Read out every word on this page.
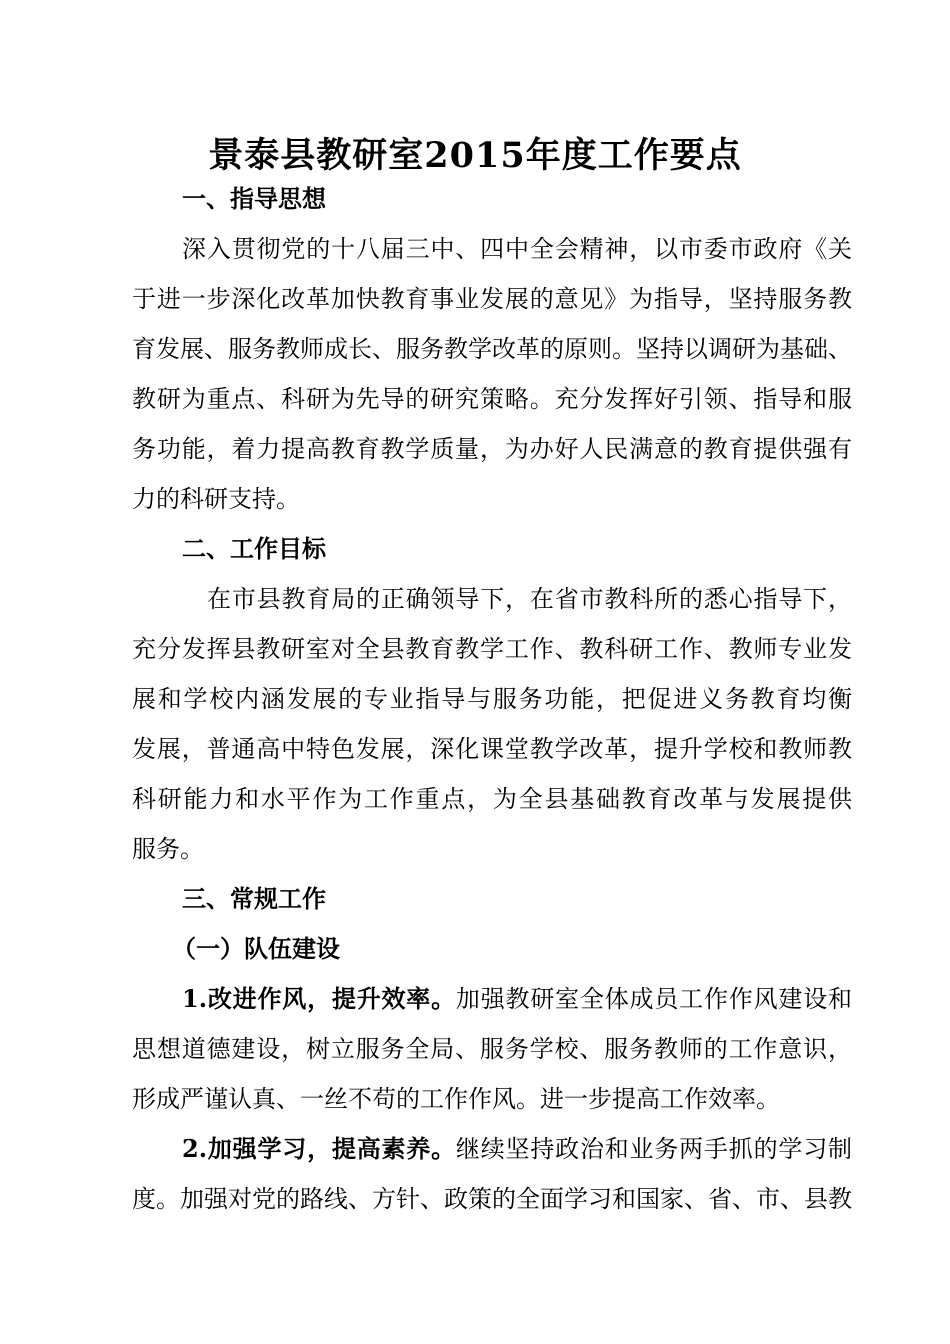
景泰县教研室2015年度工作要点
一、指导思想
深入贯彻党的十八届三中、四中全会精神，以市委市政府《关
于进一步深化改革加快教育事业发展的意见》为指导，坚持服务教
育发展、服务教师成长、服务教学改革的原则。坚持以调研为基础、
教研为重点、科研为先导的研究策略。充分发挥好引领、指导和服
务功能，着力提高教育教学质量，为办好人民满意的教育提供强有
力的科研支持。
二、工作目标
在市县教育局的正确领导下，在省市教科所的悉心指导下，
充分发挥县教研室对全县教育教学工作、教科研工作、教师专业发
展和学校内涵发展的专业指导与服务功能，把促进义务教育均衡
发展，普通高中特色发展，深化课堂教学改革，提升学校和教师教
科研能力和水平作为工作重点，为全县基础教育改革与发展提供
服务。
三、常规工作
（一）队伍建设
1.改进作风，提升效率。加强教研室全体成员工作作风建设和
思想道德建设，树立服务全局、服务学校、服务教师的工作意识，
形成严谨认真、一丝不苟的工作作风。进一步提高工作效率。
2.加强学习，提高素养。继续坚持政治和业务两手抓的学习制
度。加强对党的路线、方针、政策的全面学习和国家、省、市、县教
